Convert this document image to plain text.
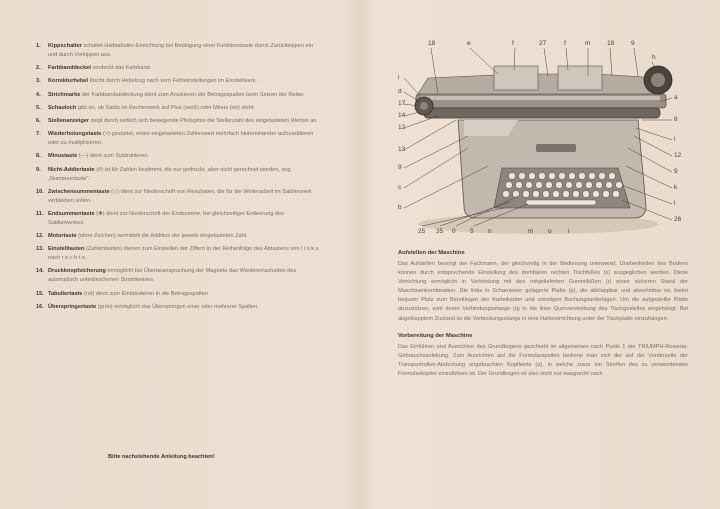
1.	Kippschalter schaltet Halbtabulier-Einrichtung bei Betätigung einer Funktionstaste durch Zurückkippen ein und durch Vorkippen aus.
2.	Farbbanddeckel verdeckt das Farbband.
3.	Korrekturhebel löscht durch Hebelzug nach vorn Fehleinstellungen im Einstellwerk.
4.	Strichmarke der Farbbandabdeckung dient zum Anvisieren der Betragsspalten beim Setzen der Reiter.
5.	Schauloch gibt an, ob Saldo im Rechenwerk auf Plus (weiß) oder Minus (rot) steht.
6.	Stellenanzeiger zeigt durch seitlich sich bewegende Pfeilspitze die Stellenzahl des eingetasteten Wertes an.
7.	Wiederholungstaste (×) gestattet, einen eingetasteten Zahlenwert mehrfach hintereinander aufzuaddieren oder zu multiplizieren.
8.	Minustaste (—) dient zum Subtrahieren.
9.	Nicht-Addiertaste (#) ist für Zahlen bestimmt, die nur gedruckt, aber nicht gerechnet werden, sog. „Nummerntaste".
10. Zwischensummentaste (◇) dient zur Niederschrift von Resultaten, die für die Weiterarbeit im Saldierwerk verbleiben sollen.
11. Endsummentaste (✱) dient zur Niederschrift der Endsumme, bei gleichzeitiger Entleerung des Saldierwerkes.
12. Motortaste (ohne Zeichen) vermittelt die Addition der jeweils eingetasteten Zahl.
13. Einstelltasten (Zahlentasten) dienen zum Einstellen der Ziffern in der Reihenfolge des Abtastens von l i n k s nach r e c h t s.
14. Druckknopfsicherung ermöglicht bei Überbeanspruchung der Magnete das Wiedereinschalten des automatisch unterbrochenen Stromkreises.
15. Tabuliertaste (rot) dient zum Eintabulieren in die Betragsspalten.
16. Überspringertaste (grün) ermöglicht das Überspringen einer oder mehrerer Spalten.
Bitte nachstehende Anleitung beachten!
18	e	f	27	f	m	18	9
h
i
d
17
14
12
13
9
c
b
a
8
i
12
9
k
l
26
25 35 0 5 n	m o	i
Aufstellen der Maschine
Das Aufstellen besorgt der Fachmann, der gleichzeitig in der Bedienung unterweist. Unebenheiten des Bodens können durch entsprechende Einstellung des drehbaren rechten Tischfußes (s) ausgeglichen werden. Diese Vorrichtung ermöglicht in Verbindung mit den mitgelieferten Gummifüßen (r) einen sicheren Stand der Maschinenkombination. Die links in Scharnieren gelagerte Platte (p), die abklappbar und abnehmbar ist, bietet bequem Platz zum Bereitlegen der Karteikarten und sonstigen Buchungsunterlagen. Um die aufgestellte Platte abzustützen, wird deren Verbindungsstange (q) in die linke Querverstrebung des Tischgestelles eingehängt. Bei abgeklapptem Zustand ist die Verbindungsstange in eine Haltevorrichtung unter der Tischplatte einzuhängen.
Vorbereitung der Maschine
Das Einführen und Ausrichten des Grundbogens geschieht im allgemeinen nach Punkt 1 der TRIUMPH-Rosanta-Gebrauchsanleitung. Zum Ausrichten auf die Formularspalten bediene man sich der auf der Vorderseite der Transportrollen-Abdeckung angebrachten Kopfleiste (a), in welche zuvor ein Streifen des zu verwendenden Formularkopfes einzuführen ist. Der Grundbogen ist also nicht nur waagrecht nach
